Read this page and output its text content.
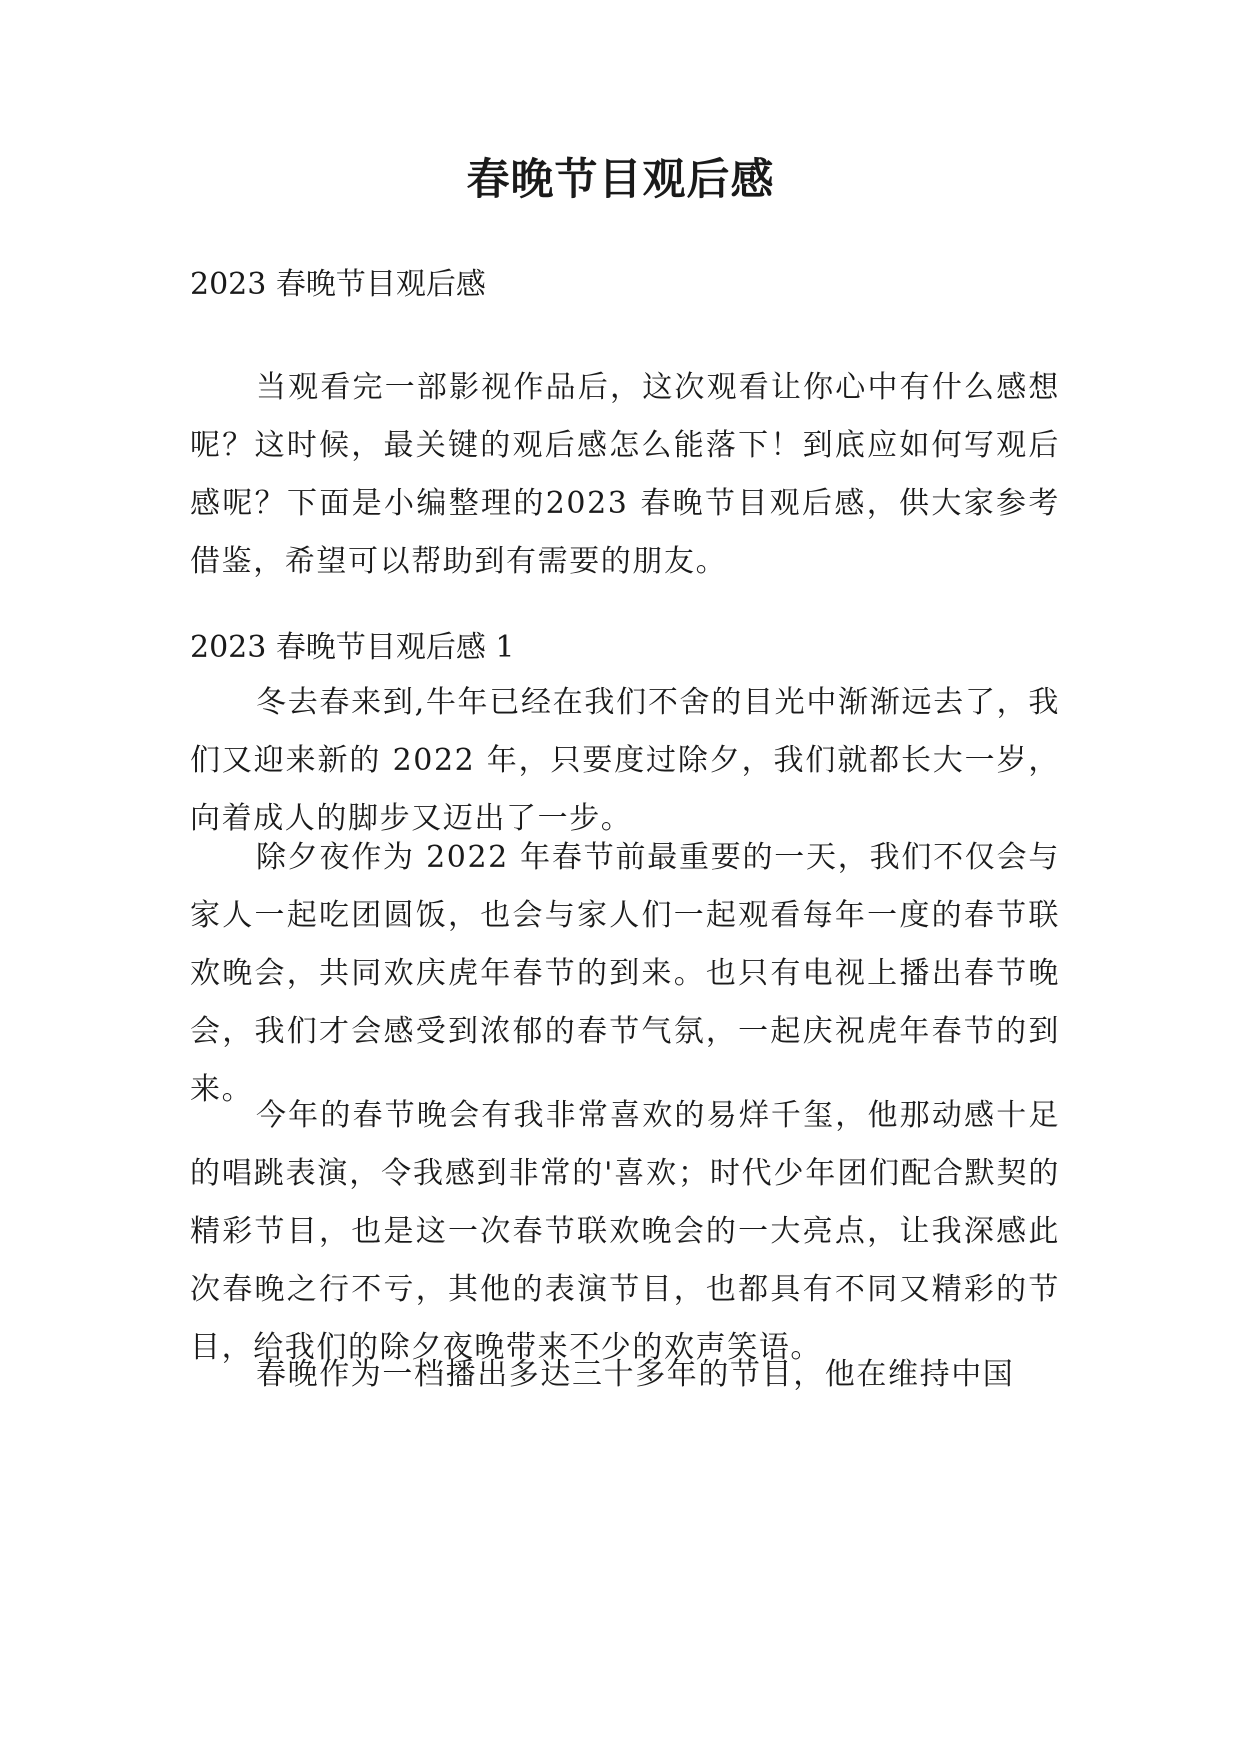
春晚节目观后感
2023 春晚节目观后感

当观看完一部影视作品后，这次观看让你心中有什么感想呢？这时候，最关键的观后感怎么能落下！到底应如何写观后感呢？下面是小编整理的2023 春晚节目观后感，供大家参考借鉴，希望可以帮助到有需要的朋友。

2023 春晚节目观后感 1

冬去春来到,牛年已经在我们不舍的目光中渐渐远去了，我们又迎来新的 2022 年，只要度过除夕，我们就都长大一岁，向着成人的脚步又迈出了一步。

除夕夜作为 2022 年春节前最重要的一天，我们不仅会与家人一起吃团圆饭，也会与家人们一起观看每年一度的春节联欢晚会，共同欢庆虎年春节的到来。也只有电视上播出春节晚会，我们才会感受到浓郁的春节气氛，一起庆祝虎年春节的到来。

今年的春节晚会有我非常喜欢的易烊千玺，他那动感十足的唱跳表演，令我感到非常的'喜欢；时代少年团们配合默契的精彩节目，也是这一次春节联欢晚会的一大亮点，让我深感此次春晚之行不亏，其他的表演节目，也都具有不同又精彩的节目，给我们的除夕夜晚带来不少的欢声笑语。

春晚作为一档播出多达三十多年的节目，他在维持中国
